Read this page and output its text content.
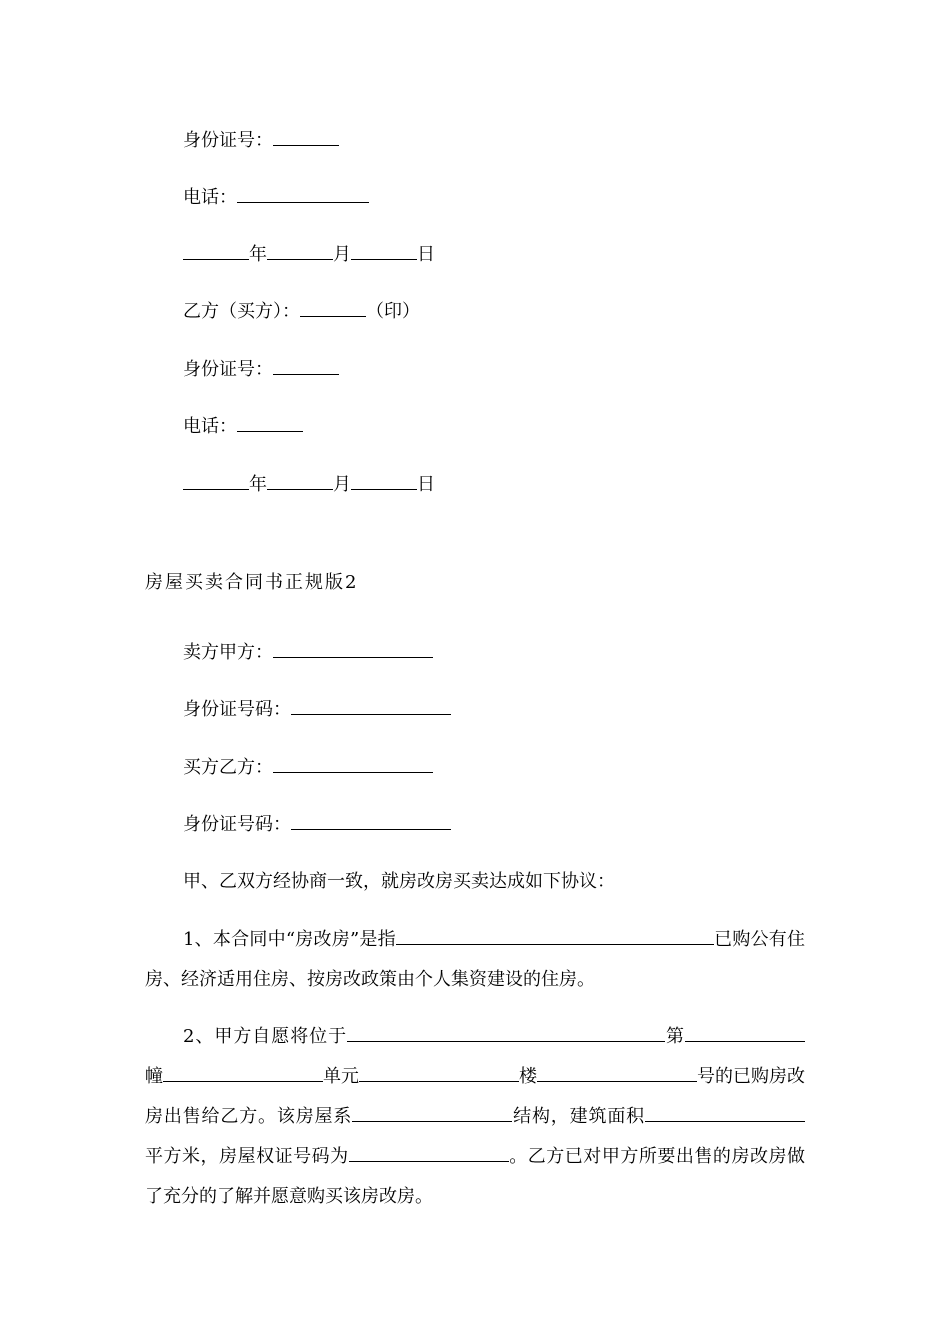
身份证号：
电话：
年	月	日
乙方（买方）：	（印）
身份证号：
电话：
年	月	日
房屋买卖合同书正规版2
卖方甲方：
身份证号码：
买方乙方：
身份证号码：
甲、乙双方经协商一致，就房改房买卖达成如下协议：
1、本合同中“房改房”是指	已购公有住房、经济适用住房、按房改政策由个人集资建设的住房。
2、甲方自愿将位于	第幢	单元	楼	号的已购房改房出售给乙方。该房屋系	结构，建筑面积平方米，房屋权证号码为	。乙方已对甲方所要出售的房改房做了充分的了解并愿意购买该房改房。
